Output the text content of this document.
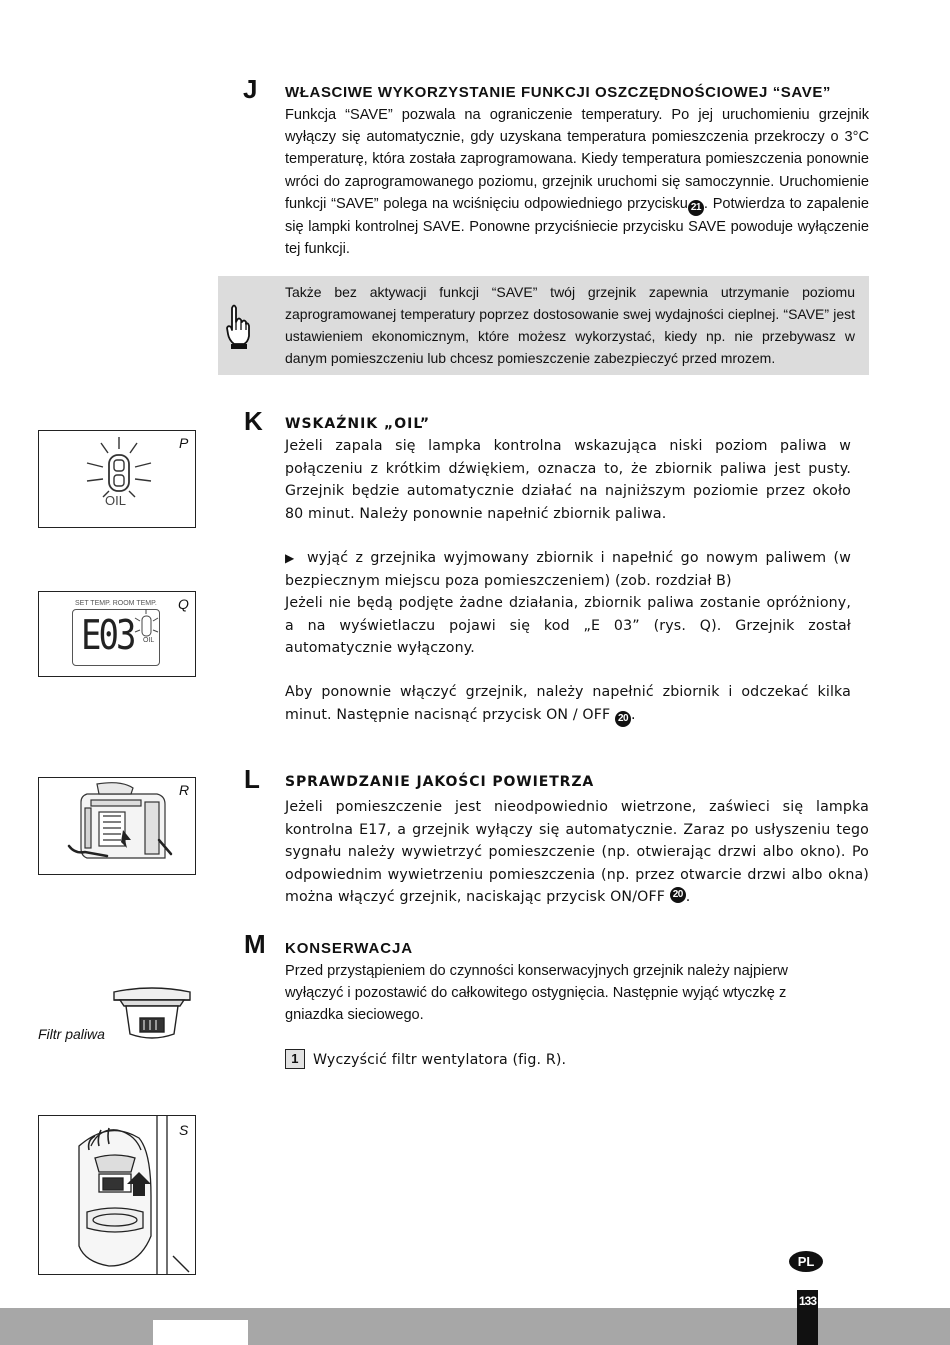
J WŁASCIWE WYKORZYSTANIE FUNKCJI OSZCZĘDNOŚCIOWEJ “SAVE”
Funkcja “SAVE” pozwala na ograniczenie temperatury. Po jej uruchomieniu grzejnik wyłączy się automatycznie, gdy uzyskana temperatura pomieszczenia przekroczy o 3°C temperaturę, która została zaprogramowana. Kiedy temperatura pomieszczenia ponownie wróci do zaprogramowanego poziomu, grzejnik uruchomi się samoczynnie. Uruchomienie funkcji “SAVE” polega na wciśnięciu odpowiedniego przycisku 21 . Potwierdza to zapalenie się lampki kontrolnej SAVE. Ponowne przyciśniecie przycisku SAVE powoduje wyłączenie tej funkcji.
Także bez aktywacji funkcji “SAVE” twój grzejnik zapewnia utrzymanie poziomu zaprogramowanej temperatury poprzez dostosowanie swej wydajności cieplnej. “SAVE” jest ustawieniem ekonomicznym, które możesz wykorzystać, kiedy np. nie przebywasz w danym pomieszczeniu lub chcesz pomieszczenie zabezpieczyć przed mrozem.
P
OIL
K WSKAŹNIK „OIL”
Jeżeli zapala się lampka kontrolna wskazująca niski poziom paliwa w połączeniu z krótkim dźwiękiem, oznacza to, że zbiornik paliwa jest pusty. Grzejnik będzie automatycznie działać na najniższym poziomie przez około 80 minut. Należy ponownie napełnić zbiornik paliwa.
▶ wyjąć z grzejnika wyjmowany zbiornik i napełnić go nowym paliwem (w bezpiecznym miejscu poza pomieszczeniem) (zob. rozdział B)
Jeżeli nie będą podjęte żadne działania, zbiornik paliwa zostanie opróżniony, a na wyświetlaczu pojawi się kod „E 03” (rys. Q). Grzejnik został automatycznie wyłączony.
Aby ponownie włączyć grzejnik, należy napełnić zbiornik i odczekać kilka minut. Następnie nacisnąć przycisk ON / OFF 20 .
Q
SET TEMP. ROOM TEMP.
E03 OIL
R L SPRAWDZANIE JAKOŚCI POWIETRZA
Jeżeli pomieszczenie jest nieodpowiednio wietrzone, zaświeci się lampka kontrolna E17, a grzejnik wyłączy się automatycznie. Zaraz po usłyszeniu tego sygnału należy wywietrzyć pomieszczenie (np. otwierając drzwi albo okno). Po odpowiednim wywietrzeniu pomieszczenia (np. przez otwarcie drzwi albo okna) można włączyć grzejnik, naciskając przycisk ON/OFF 20 .
M KONSERWACJA
Przed przystąpieniem do czynności konserwacyjnych grzejnik należy najpierw wyłączyć i pozostawić do całkowitego ostygnięcia. Następnie wyjąć wtyczkę z gniazdka sieciowego.
1 Wyczyścić filtr wentylatora (fig. R).
Filtr paliwa
S
PL
133
